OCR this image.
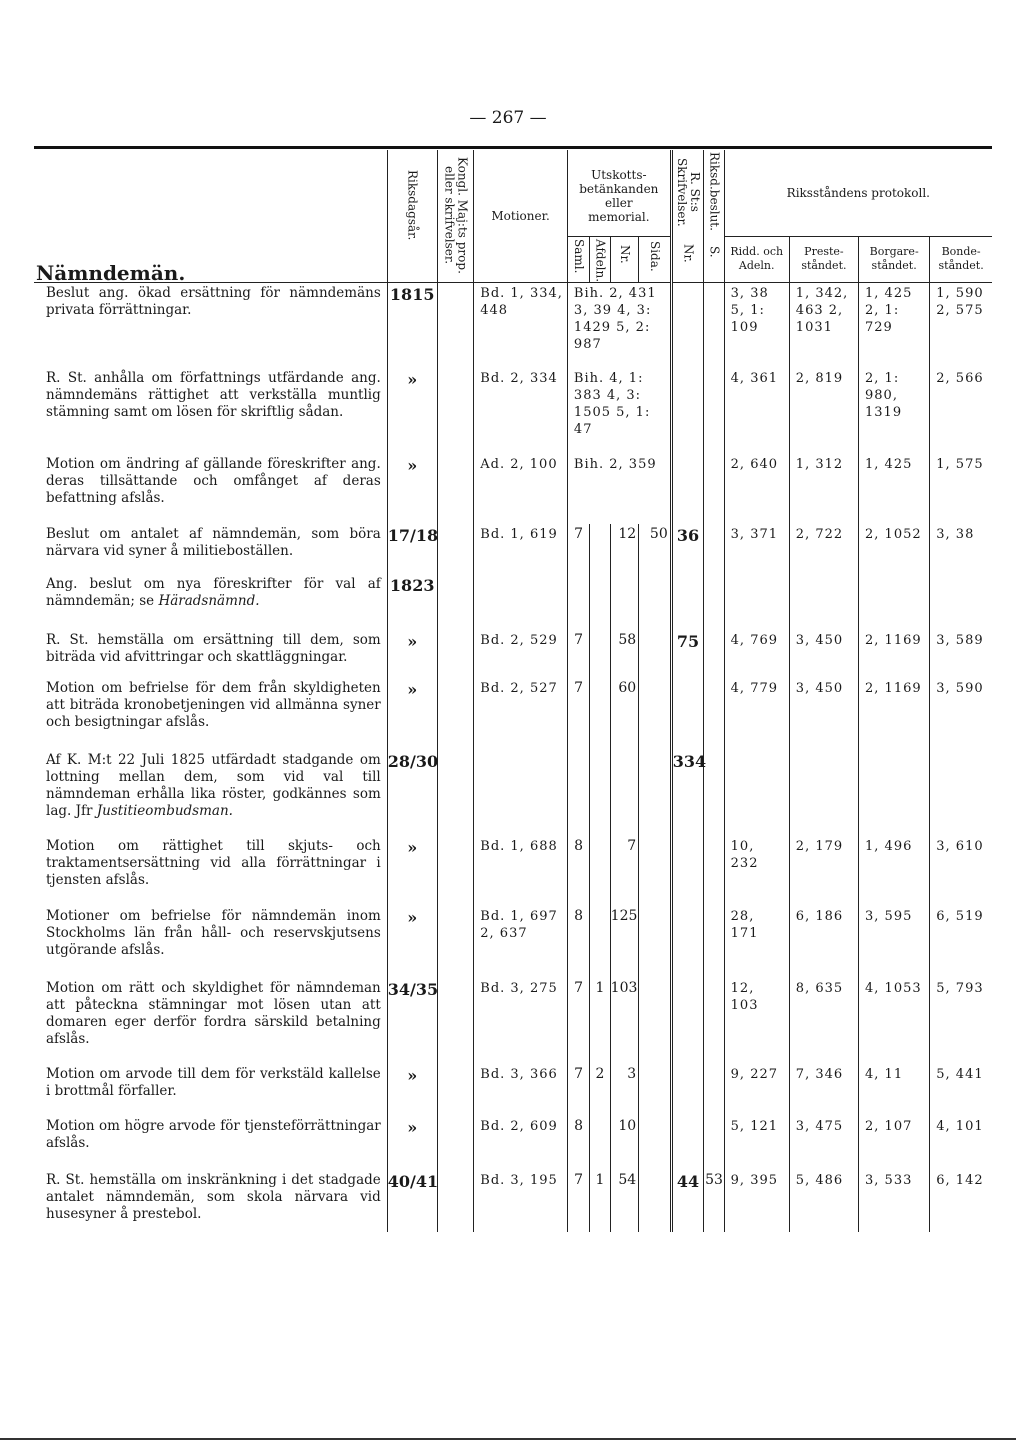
— 267 —
Nämndemän.	Riksdagsår.	Kongl. Maj:ts prop. eller skrifvelser.	Motioner.	Utskotts- betänkanden eller memorial.				R. St:s Skrifvelser.	Riksd.beslut.	Riksståndens protokoll.			

				Saml.	Afdeln.	Nr.	Sida.	Nr.	S.	Ridd. och Adeln.	Preste- ståndet.	Borgare- ståndet.	Bonde- ståndet.
Beslut ang. ökad ersättning för nämndemäns privata förrättningar.	1815		Bd. 1, 334, 448	Bih. 2, 431 3, 39 4, 3: 1429 5, 2: 987						3, 38 5, 1: 109	1, 342, 463 2, 1031	1, 425 2, 1: 729	1, 590 2, 575
R. St. anhålla om författnings utfärdande ang. nämndemäns rättighet att verkställa muntlig stämning samt om lösen för skriftlig sådan.	»		Bd. 2, 334	Bih. 4, 1: 383 4, 3: 1505 5, 1: 47						4, 361	2, 819	2, 1: 980, 1319	2, 566
Motion om ändring af gällande föreskrifter ang. deras tillsättande och omfånget af deras befattning afslås.	»		Ad. 2, 100	Bih. 2, 359						2, 640	1, 312	1, 425	1, 575
Beslut om antalet af nämndemän, som böra närvara vid syner å militieboställen.	17/18		Bd. 1, 619	7		12	50	36		3, 371	2, 722	2, 1052	3, 38
Ang. beslut om nya föreskrifter för val af nämndemän; se Häradsnämnd.	1823												
R. St. hemställa om ersättning till dem, som biträda vid afvittringar och skattläggningar.	»		Bd. 2, 529	7		58		75		4, 769	3, 450	2, 1169	3, 589
Motion om befrielse för dem från skyldigheten att biträda kronobetjeningen vid allmänna syner och besigtningar afslås.	»		Bd. 2, 527	7		60				4, 779	3, 450	2, 1169	3, 590
Af K. M:t 22 Juli 1825 utfärdadt stadgande om lottning mellan dem, som vid val till nämndeman erhålla lika röster, godkännes som lag. Jfr Justitieombudsman.	28/30							334					
Motion om rättighet till skjuts- och traktamentsersättning vid alla förrättningar i tjensten afslås.	»		Bd. 1, 688	8		7				10, 232	2, 179	1, 496	3, 610
Motioner om befrielse för nämndemän inom Stockholms län från håll- och reservskjutsens utgörande afslås.	»		Bd. 1, 697 2, 637	8		125				28, 171	6, 186	3, 595	6, 519
Motion om rätt och skyldighet för nämndeman att påteckna stämningar mot lösen utan att domaren eger derför fordra särskild betalning afslås.	34/35		Bd. 3, 275	7	1	103				12, 103	8, 635	4, 1053	5, 793
Motion om arvode till dem för verkstäld kallelse i brottmål förfaller.	»		Bd. 3, 366	7	2	3				9, 227	7, 346	4, 11	5, 441
Motion om högre arvode för tjensteförrättningar afslås.	»		Bd. 2, 609	8		10				5, 121	3, 475	2, 107	4, 101
R. St. hemställa om inskränkning i det stadgade antalet nämndemän, som skola närvara vid husesyner å prestebol.	40/41		Bd. 3, 195	7	1	54		44	53	9, 395	5, 486	3, 533	6, 142
